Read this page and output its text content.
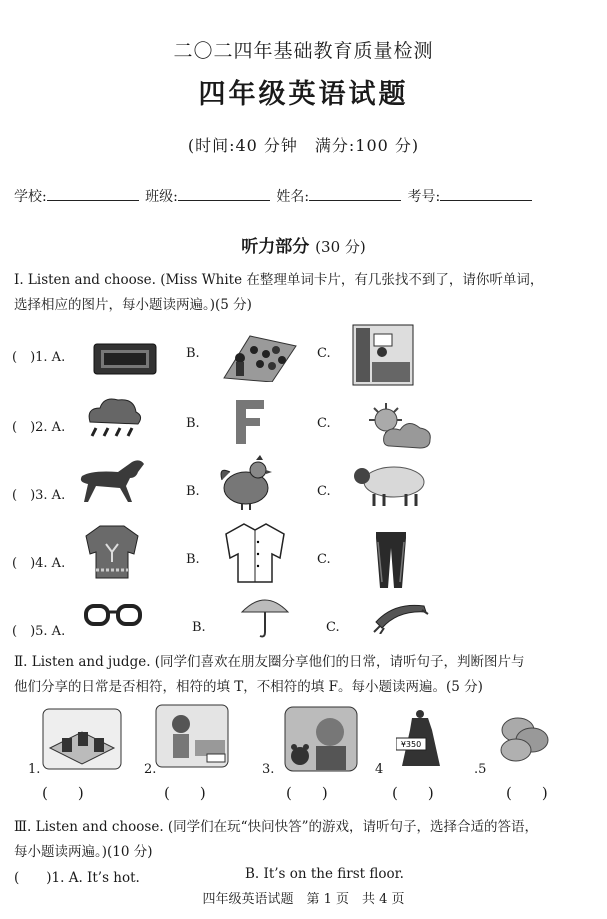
二〇二四年基础教育质量检测
四年级英语试题
(时间:40 分钟　满分:100 分)
学校:	班级:	姓名:	考号:
听力部分 (30 分)
Ⅰ. Listen and choose. (Miss White 在整理单词卡片，有几张找不到了，请你听单词，
选择相应的图片，每小题读两遍。)(5 分)
(　)1. A.	B.	C.
(　)2. A.	B.	C.
(　)3. A.	B.	C.
(　)4. A.	B.	C.
(　)5. A.	B.	C.
Ⅱ. Listen and judge. (同学们喜欢在朋友圈分享他们的日常，请听句子，判断图片与
他们分享的日常是否相符，相符的填 T，不相符的填 F。每小题读两遍。(5 分)
¥350
1.	2.	3.	4	.5
(　　)	(　　)	(　　)	(　　)	(　　)
Ⅲ. Listen and choose. (同学们在玩“快问快答”的游戏，请听句子，选择合适的答语，
每小题读两遍。)(10 分)
(　　)1. A. It’s hot.	B. It’s on the first floor.
四年级英语试题　第 1 页　共 4 页
